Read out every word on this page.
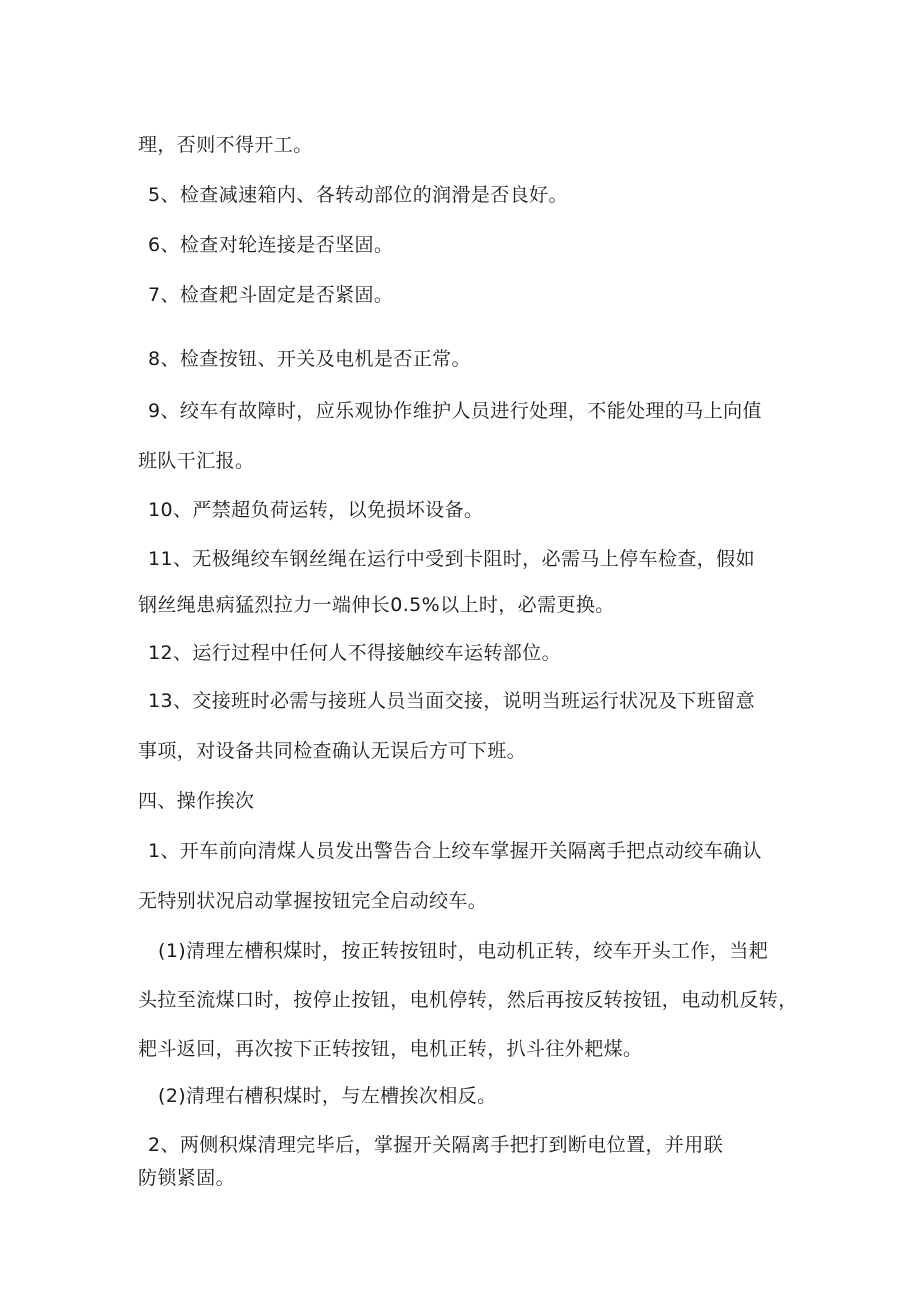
理，否则不得开工。
5、检查减速箱内、各转动部位的润滑是否良好。
6、检查对轮连接是否坚固。
7、检查耙斗固定是否紧固。
8、检查按钮、开关及电机是否正常。
9、绞车有故障时，应乐观协作维护人员进行处理，不能处理的马上向值
班队干汇报。
10、严禁超负荷运转，以免损坏设备。
11、无极绳绞车钢丝绳在运行中受到卡阻时，必需马上停车检查，假如
钢丝绳患病猛烈拉力一端伸长0.5%以上时，必需更换。
12、运行过程中任何人不得接触绞车运转部位。
13、交接班时必需与接班人员当面交接，说明当班运行状况及下班留意
事项，对设备共同检查确认无误后方可下班。
四、操作挨次
1、开车前向清煤人员发出警告合上绞车掌握开关隔离手把点动绞车确认
无特别状况启动掌握按钮完全启动绞车。
(1)清理左槽积煤时，按正转按钮时，电动机正转，绞车开头工作，当耙
头拉至流煤口时，按停止按钮，电机停转，然后再按反转按钮，电动机反转，
耙斗返回，再次按下正转按钮，电机正转，扒斗往外耙煤。
(2)清理右槽积煤时，与左槽挨次相反。
2、两侧积煤清理完毕后，掌握开关隔离手把打到断电位置，并用联
防锁紧固。
